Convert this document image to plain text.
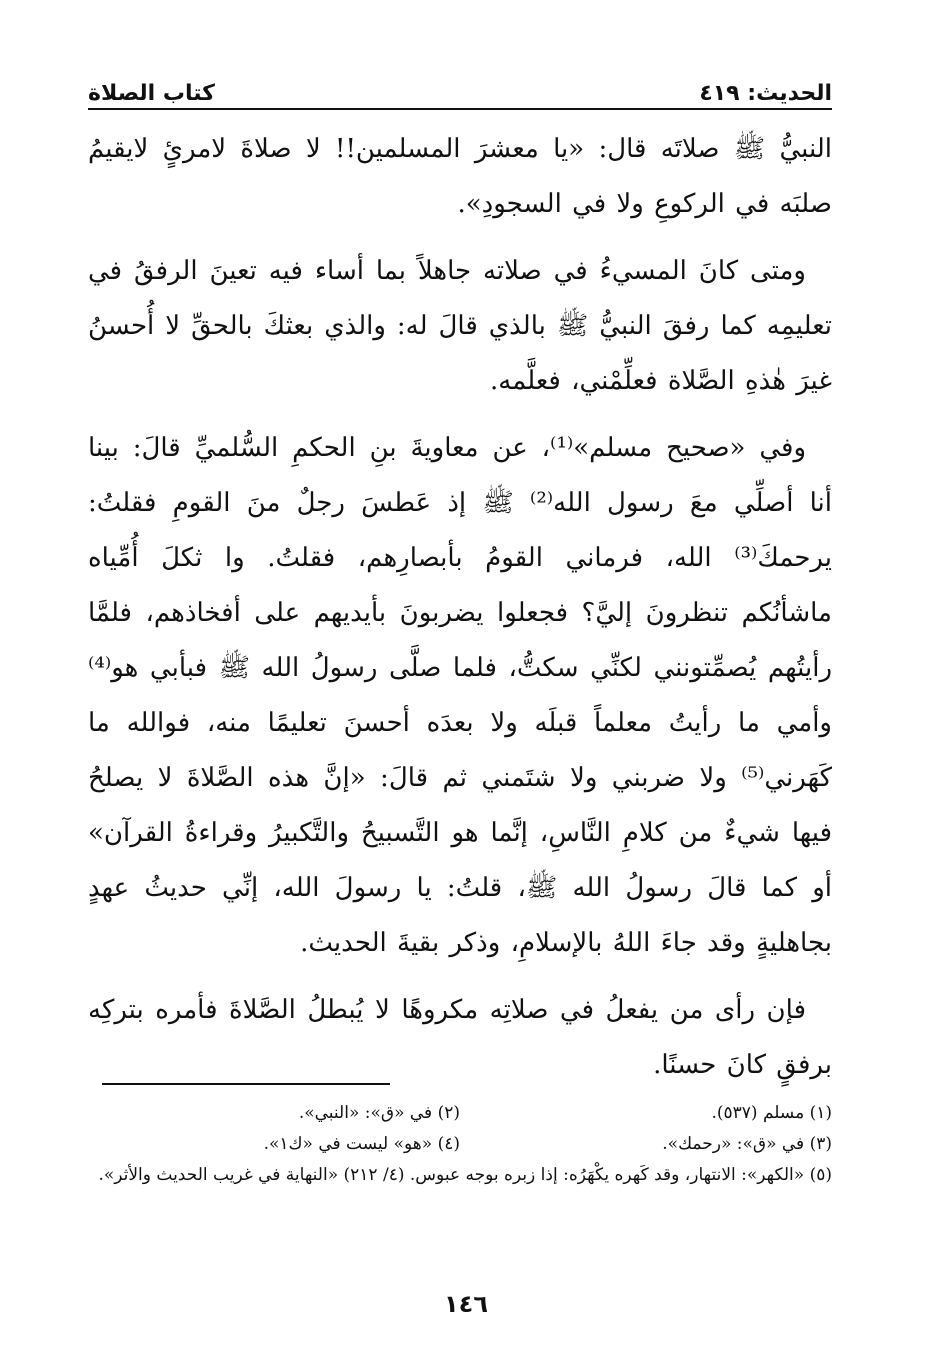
الحديث: ٤١٩
كتاب الصلاة

النبيُّ ﷺ صلاتَه قال: «يا معشرَ المسلمين!! لا صلاةَ لامرئٍ لايقيمُ صلبَه في الركوعِ ولا في السجودِ».

ومتى كانَ المسيءُ في صلاته جاهلاً بما أساء فيه تعينَ الرفقُ في تعليمِه كما رفقَ النبيُّ ﷺ بالذي قالَ له: والذي بعثكَ بالحقِّ لا أُحسنُ غيرَ هٰذهِ الصَّلاة فعلِّمْني، فعلَّمه.

وفي «صحيح مسلم»⁽¹⁾، عن معاويةَ بنِ الحكمِ السُّلميِّ قالَ: بينا أنا أصلِّي معَ رسول الله⁽²⁾ ﷺ إذ عَطسَ رجلٌ منَ القومِ فقلتُ: يرحمكَ⁽³⁾ الله، فرماني القومُ بأبصارِهم، فقلتُ. وا ثكلَ أُمِّياه ماشأنُكم تنظرونَ إليَّ؟ فجعلوا يضربونَ بأيديهم على أفخاذهم، فلمَّا رأيتُهم يُصمِّتونني لكنِّي سكتُّ، فلما صلَّى رسولُ الله ﷺ فبأبي هو⁽⁴⁾ وأمي ما رأيتُ معلماً قبلَه ولا بعدَه أحسنَ تعليمًا منه، فوالله ما كَهَرني⁽⁵⁾ ولا ضربني ولا شتَمني ثم قالَ: «إنَّ هذه الصَّلاةَ لا يصلحُ فيها شيءٌ من كلامِ النَّاسِ، إنَّما هو التَّسبيحُ والتَّكبيرُ وقراءةُ القرآن» أو كما قالَ رسولُ الله ﷺ، قلتُ: يا رسولَ الله، إنِّي حديثُ عهدٍ بجاهليةٍ وقد جاءَ اللهُ بالإسلامِ، وذكر بقيةَ الحديث.

فإن رأى من يفعلُ في صلاتِه مكروهًا لا يُبطلُ الصَّلاةَ فأمره بتركِه برفقٍ كانَ حسنًا.

(١) مسلم (٥٣٧).
(٢) في «ق»: «النبي».
(٣) في «ق»: «رحمك».
(٤) «هو» ليست في «ك١».
(٥) «الكهر»: الانتهار، وقد كَهره يكْهَرُه: إذا زبره بوجه عبوس. (٤/ ٢١٢) «النهاية في غريب الحديث والأثر».
١٤٦
